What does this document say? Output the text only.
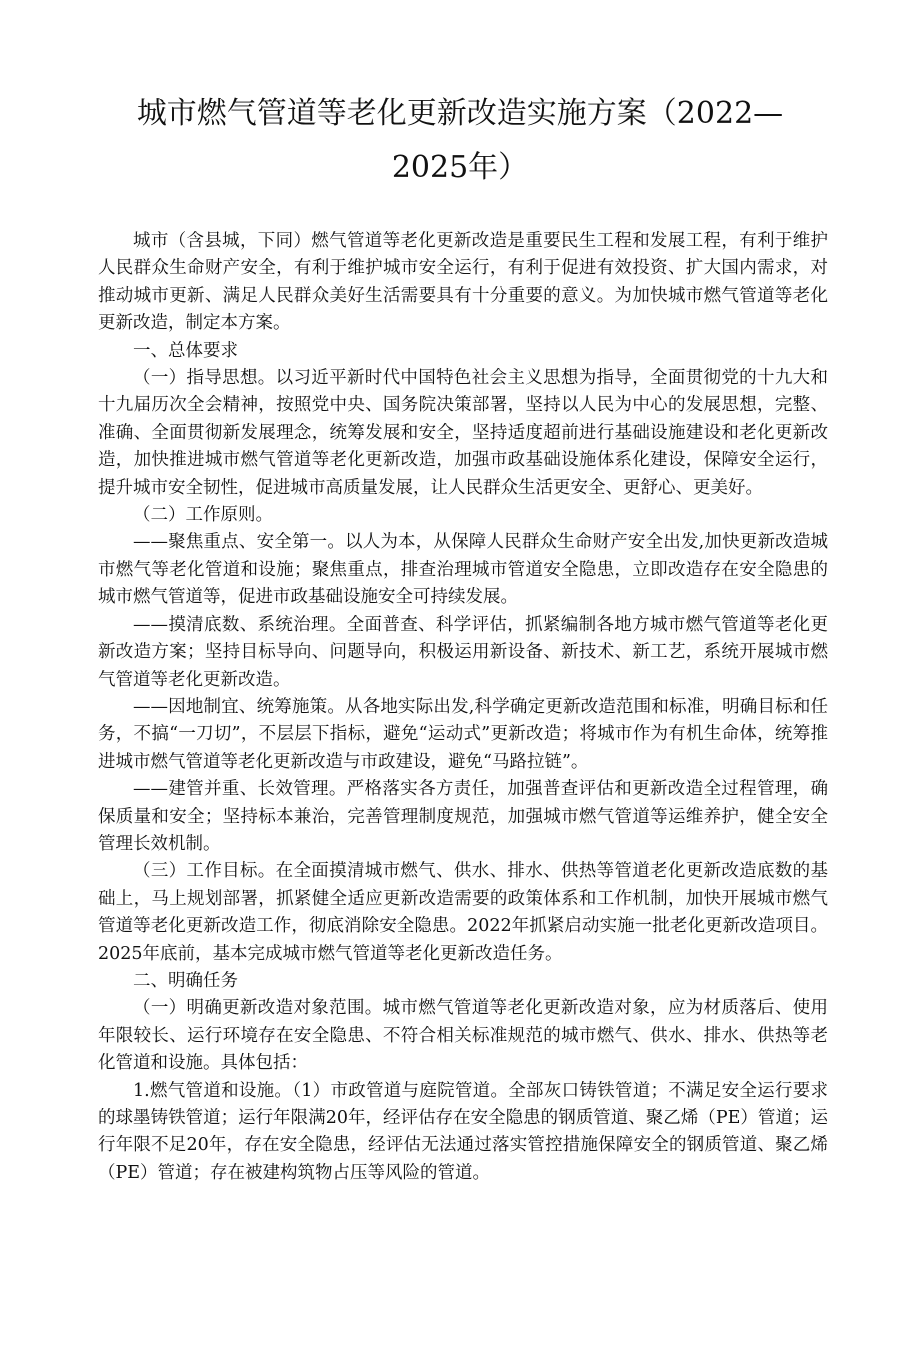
城市燃气管道等老化更新改造实施方案（2022—
2025年）

城市（含县城，下同）燃气管道等老化更新改造是重要民生工程和发展工程，有利于维护人民群众生命财产安全，有利于维护城市安全运行，有利于促进有效投资、扩大国内需求，对推动城市更新、满足人民群众美好生活需要具有十分重要的意义。为加快城市燃气管道等老化更新改造，制定本方案。

一、总体要求

（一）指导思想。以习近平新时代中国特色社会主义思想为指导，全面贯彻党的十九大和十九届历次全会精神，按照党中央、国务院决策部署，坚持以人民为中心的发展思想，完整、准确、全面贯彻新发展理念，统筹发展和安全，坚持适度超前进行基础设施建设和老化更新改造，加快推进城市燃气管道等老化更新改造，加强市政基础设施体系化建设，保障安全运行，提升城市安全韧性，促进城市高质量发展，让人民群众生活更安全、更舒心、更美好。

（二）工作原则。

——聚焦重点、安全第一。以人为本，从保障人民群众生命财产安全出发,加快更新改造城市燃气等老化管道和设施；聚焦重点，排查治理城市管道安全隐患，立即改造存在安全隐患的城市燃气管道等，促进市政基础设施安全可持续发展。

——摸清底数、系统治理。全面普查、科学评估，抓紧编制各地方城市燃气管道等老化更新改造方案；坚持目标导向、问题导向，积极运用新设备、新技术、新工艺，系统开展城市燃气管道等老化更新改造。

——因地制宜、统筹施策。从各地实际出发,科学确定更新改造范围和标准，明确目标和任务，不搞“一刀切”，不层层下指标，避免“运动式”更新改造；将城市作为有机生命体，统筹推进城市燃气管道等老化更新改造与市政建设，避免“马路拉链”。

——建管并重、长效管理。严格落实各方责任，加强普查评估和更新改造全过程管理，确保质量和安全；坚持标本兼治，完善管理制度规范，加强城市燃气管道等运维养护，健全安全管理长效机制。

（三）工作目标。在全面摸清城市燃气、供水、排水、供热等管道老化更新改造底数的基础上，马上规划部署，抓紧健全适应更新改造需要的政策体系和工作机制，加快开展城市燃气管道等老化更新改造工作，彻底消除安全隐患。2022年抓紧启动实施一批老化更新改造项目。2025年底前，基本完成城市燃气管道等老化更新改造任务。

二、明确任务

（一）明确更新改造对象范围。城市燃气管道等老化更新改造对象，应为材质落后、使用年限较长、运行环境存在安全隐患、不符合相关标准规范的城市燃气、供水、排水、供热等老化管道和设施。具体包括：

1.燃气管道和设施。（1）市政管道与庭院管道。全部灰口铸铁管道；不满足安全运行要求的球墨铸铁管道；运行年限满20年，经评估存在安全隐患的钢质管道、聚乙烯（PE）管道；运行年限不足20年，存在安全隐患，经评估无法通过落实管控措施保障安全的钢质管道、聚乙烯（PE）管道；存在被建构筑物占压等风险的管道。
